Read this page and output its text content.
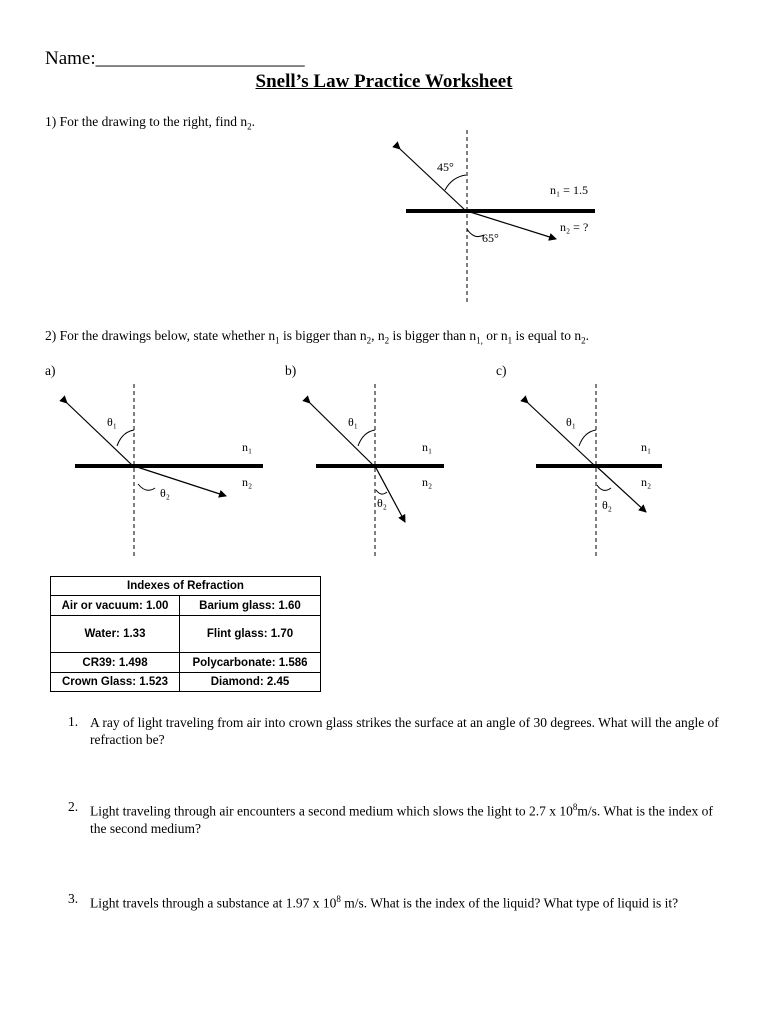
Name:______________________
Snell’s Law Practice Worksheet
1) For the drawing to the right, find $n_2$.
45°
65°
n₁ = 1.5
n₂ = ?
θ₁
θ₂
n₁
n₂
θ₁
θ₂
n₁
n₂
θ₁
θ₂
n₁
n₂
2) For the drawings below, state whether $n_1$ is bigger than $n_2$, $n_2$ is bigger than $n_{1,}$ or $n_1$ is equal to $n_2$.
a)	b)	c)
Indexes of Refraction	
Air or vacuum: 1.00	Barium glass: 1.60
Water: 1.33	Flint glass: 1.70
CR39: 1.498	Polycarbonate: 1.586
Crown Glass: 1.523	Diamond: 2.45
1. A ray of light traveling from air into crown glass strikes the surface at an angle of 30 degrees. What will the angle of refraction be?
2. Light traveling through air encounters a second medium which slows the light to 2.7 x $10^8m/s$. What is the index of the second medium?
3. Light travels through a substance at 1.97 x $10^8$ m/s. What is the index of the liquid? What type of liquid is it?
